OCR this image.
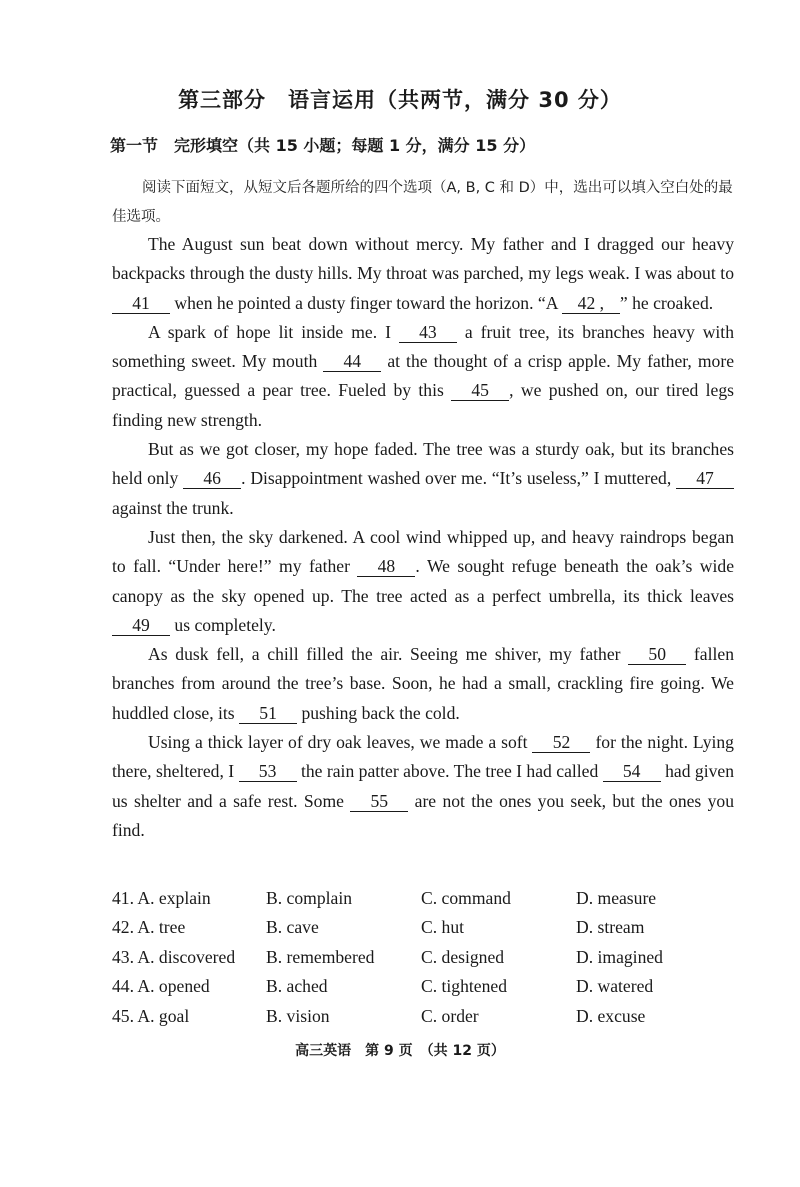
第三部分　语言运用（共两节，满分 30 分）
第一节　完形填空（共 15 小题；每题 1 分，满分 15 分）
阅读下面短文，从短文后各题所给的四个选项（A, B, C 和 D）中，选出可以填入空白处的最佳选项。

The August sun beat down without mercy. My father and I dragged our heavy backpacks through the dusty hills. My throat was parched, my legs weak. I was about to 41 when he pointed a dusty finger toward the horizon. “A 42 , ” he croaked.

A spark of hope lit inside me. I 43 a fruit tree, its branches heavy with something sweet. My mouth 44 at the thought of a crisp apple. My father, more practical, guessed a pear tree. Fueled by this 45 , we pushed on, our tired legs finding new strength.

But as we got closer, my hope faded. The tree was a sturdy oak, but its branches held only 46 . Disappointment washed over me. “It’s useless,” I muttered, 47 against the trunk.

Just then, the sky darkened. A cool wind whipped up, and heavy raindrops began to fall. “Under here!” my father 48 . We sought refuge beneath the oak’s wide canopy as the sky opened up. The tree acted as a perfect umbrella, its thick leaves 49 us completely.

As dusk fell, a chill filled the air. Seeing me shiver, my father 50 fallen branches from around the tree’s base. Soon, he had a small, crackling fire going. We huddled close, its 51 pushing back the cold.

Using a thick layer of dry oak leaves, we made a soft 52 for the night. Lying there, sheltered, I 53 the rain patter above. The tree I had called 54 had given us shelter and a safe rest. Some 55 are not the ones you seek, but the ones you find.

41. A. explain	B. complain	C. command	D. measure
42. A. tree	B. cave	C. hut	D. stream
43. A. discovered B. remembered	C. designed	D. imagined
44. A. opened	B. ached	C. tightened	D. watered
45. A. goal	B. vision	C. order	D. excuse
高三英语　第 9 页　（共 12 页）
